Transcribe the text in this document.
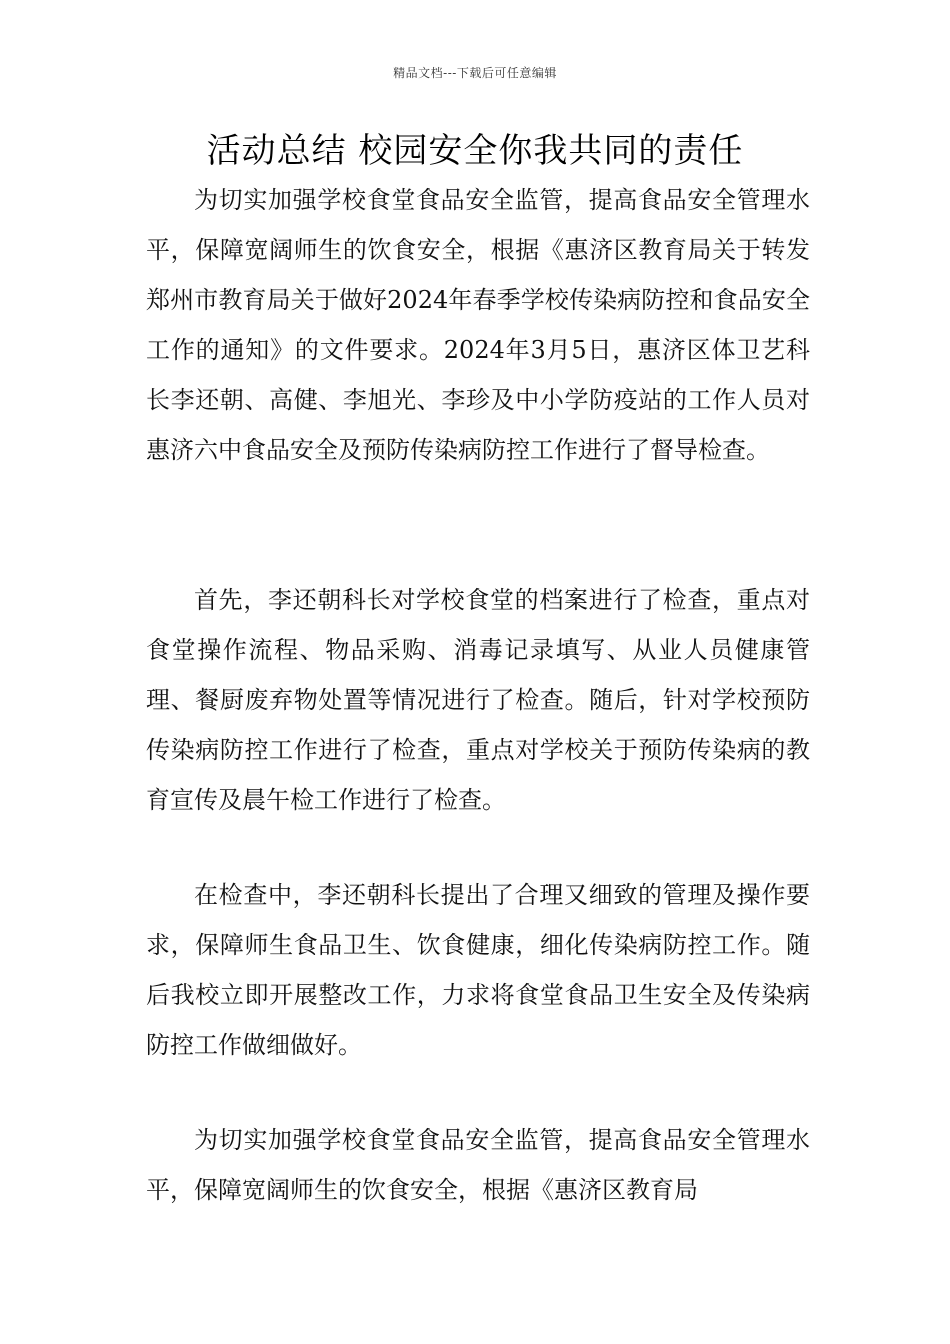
精品文档---下载后可任意编辑
活动总结 校园安全你我共同的责任

为切实加强学校食堂食品安全监管，提高食品安全管理水平，保障宽阔师生的饮食安全，根据《惠济区教育局关于转发郑州市教育局关于做好2024年春季学校传染病防控和食品安全工作的通知》的文件要求。2024年3月5日，惠济区体卫艺科长李还朝、高健、李旭光、李珍及中小学防疫站的工作人员对惠济六中食品安全及预防传染病防控工作进行了督导检查。

首先，李还朝科长对学校食堂的档案进行了检查，重点对食堂操作流程、物品采购、消毒记录填写、从业人员健康管理、餐厨废弃物处置等情况进行了检查。随后，针对学校预防传染病防控工作进行了检查，重点对学校关于预防传染病的教育宣传及晨午检工作进行了检查。

在检查中，李还朝科长提出了合理又细致的管理及操作要求，保障师生食品卫生、饮食健康，细化传染病防控工作。随后我校立即开展整改工作，力求将食堂食品卫生安全及传染病防控工作做细做好。

为切实加强学校食堂食品安全监管，提高食品安全管理水平，保障宽阔师生的饮食安全，根据《惠济区教育局
